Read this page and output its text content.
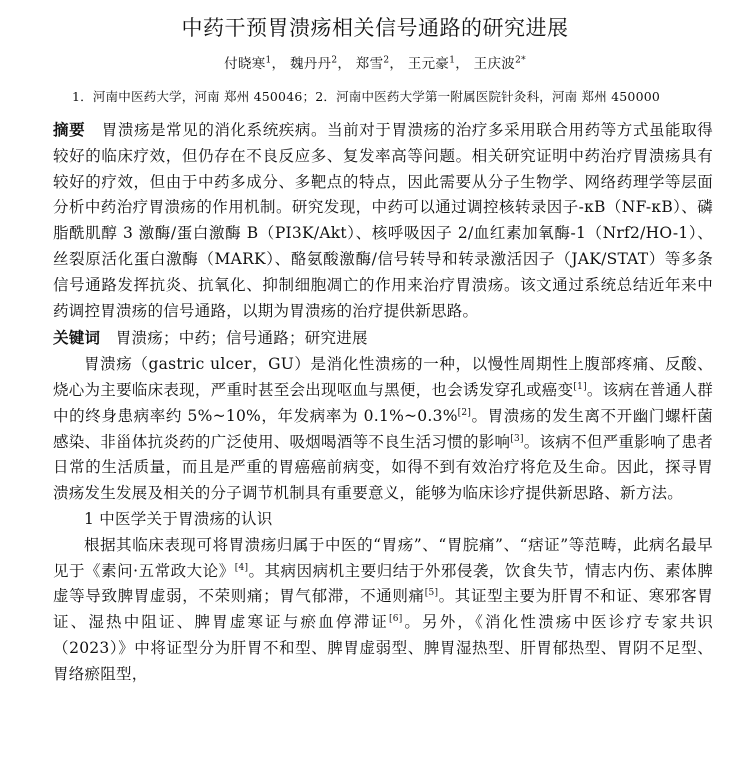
中药干预胃溃疡相关信号通路的研究进展
付晓寒$^1$， 魏丹丹$^2$， 郑雪$^2$， 王元豪$^1$， 王庆波$^{2*}$
1．河南中医药大学，河南 郑州 450046；2．河南中医药大学第一附属医院针灸科，河南 郑州 450000

摘要 胃溃疡是常见的消化系统疾病。当前对于胃溃疡的治疗多采用联合用药等方式虽能取得较好的临床疗效，但仍存在不良反应多、复发率高等问题。相关研究证明中药治疗胃溃疡具有较好的疗效，但由于中药多成分、多靶点的特点，因此需要从分子生物学、网络药理学等层面分析中药治疗胃溃疡的作用机制。研究发现，中药可以通过调控核转录因子-κB（NF-κB）、磷脂酰肌醇 3 激酶/蛋白激酶 B（PI3K/Akt）、核呼吸因子 2/血红素加氧酶-1（Nrf2/HO-1）、丝裂原活化蛋白激酶（MARK）、酪氨酸激酶/信号转导和转录激活因子（JAK/STAT）等多条信号通路发挥抗炎、抗氧化、抑制细胞凋亡的作用来治疗胃溃疡。该文通过系统总结近年来中药调控胃溃疡的信号通路，以期为胃溃疡的治疗提供新思路。

关键词 胃溃疡；中药；信号通路；研究进展

胃溃疡（gastric ulcer，GU）是消化性溃疡的一种，以慢性周期性上腹部疼痛、反酸、烧心为主要临床表现，严重时甚至会出现呕血与黑便，也会诱发穿孔或癌变[1]。该病在普通人群中的终身患病率约 5%~10%，年发病率为 0.1%~0.3%[2]。胃溃疡的发生离不开幽门螺杆菌感染、非甾体抗炎药的广泛使用、吸烟喝酒等不良生活习惯的影响[3]。该病不但严重影响了患者日常的生活质量，而且是严重的胃癌癌前病变，如得不到有效治疗将危及生命。因此，探寻胃溃疡发生发展及相关的分子调节机制具有重要意义，能够为临床诊疗提供新思路、新方法。

1 中医学关于胃溃疡的认识

根据其临床表现可将胃溃疡归属于中医的“胃疡”、“胃脘痛”、“痞证”等范畴，此病名最早见于《素问·五常政大论》[4]。其病因病机主要归结于外邪侵袭，饮食失节，情志内伤、素体脾虚等导致脾胃虚弱，不荣则痛；胃气郁滞，不通则痛[5]。其证型主要为肝胃不和证、寒邪客胃证、湿热中阻证、脾胃虚寒证与瘀血停滞证[6]。另外，《消化性溃疡中医诊疗专家共识（2023）》中将证型分为肝胃不和型、脾胃虚弱型、脾胃湿热型、肝胃郁热型、胃阴不足型、胃络瘀阻型，
